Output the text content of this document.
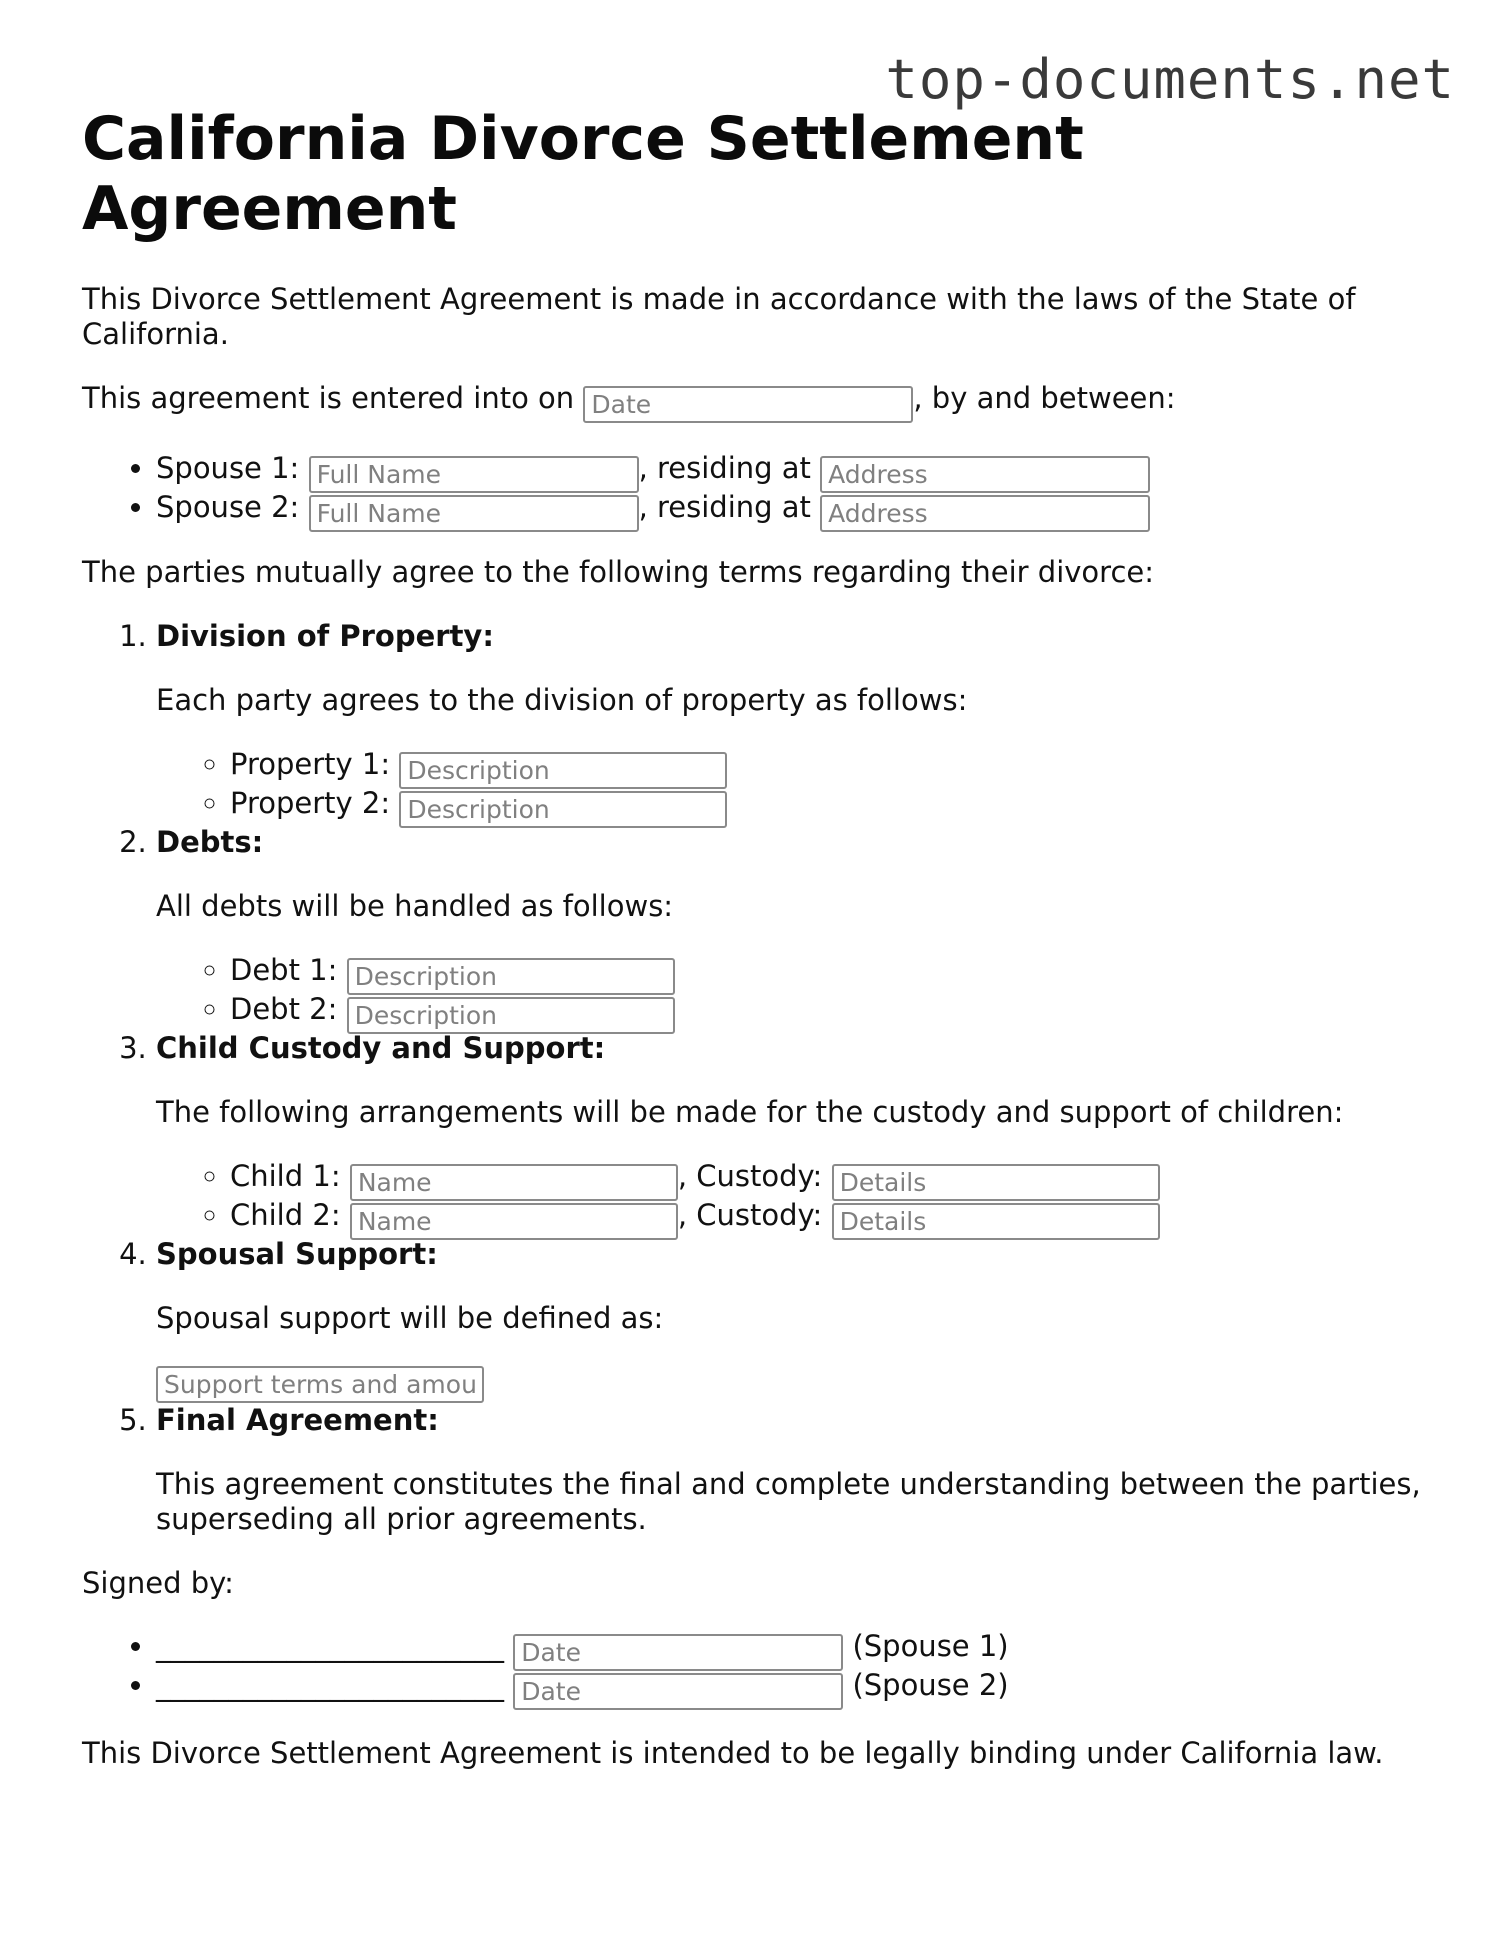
top-documents.net
California Divorce Settlement Agreement

This Divorce Settlement Agreement is made in accordance with the laws of the State of California.

This agreement is entered into on Date	, by and between:

• Spouse 1: Full Name	, residing at Address
• Spouse 2: Full Name	, residing at Address

The parties mutually agree to the following terms regarding their divorce:

1. Division of Property:

Each party agrees to the division of property as follows:

◦ Property 1: Description
◦ Property 2: Description
2. Debts:

All debts will be handled as follows:

◦ Debt 1: Description
◦ Debt 2: Description
3. Child Custody and Support:

The following arrangements will be made for the custody and support of children:

◦ Child 1: Name	, Custody: Details
◦ Child 2: Name	, Custody: Details
4. Spousal Support:

Spousal support will be defined as:

Support terms and amount
5. Final Agreement:

This agreement constitutes the final and complete understanding between the parties, superseding all prior agreements.

Signed by:

• ________________________ Date	(Spouse 1)
• ________________________ Date	(Spouse 2)

This Divorce Settlement Agreement is intended to be legally binding under California law.
